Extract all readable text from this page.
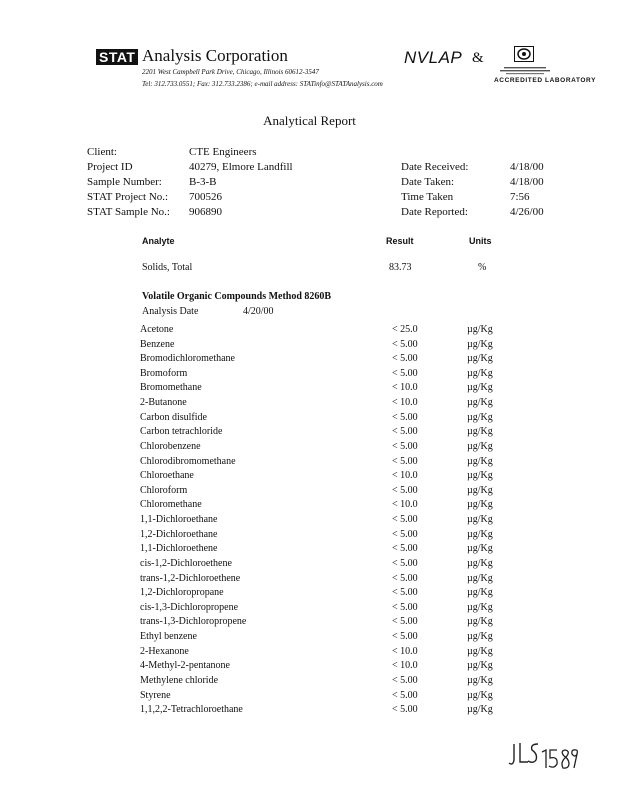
STAT Analysis Corporation
2201 West Campbell Park Drive, Chicago, Illinois 60612-3547
Tel: 312.733.0551; Fax: 312.733.2386; e-mail address: STATinfo@STATAnalysis.com
NVLAP &
ACCREDITED LABORATORY
Analytical Report
Client:	CTE Engineers
Project ID	40279, Elmore Landfill
Sample Number: B-3-B
STAT Project No.: 700526
STAT Sample No.: 906890
Date Received:	4/18/00
Date Taken:	4/18/00
Time Taken	7:56
Date Reported:	4/26/00
Analyte	Result	Units
Solids, Total	83.73	%
Volatile Organic Compounds Method 8260B
Analysis Date	4/20/00
Acetone	< 25.0	µg/Kg
Benzene	< 5.00	µg/Kg
Bromodichloromethane	< 5.00	µg/Kg
Bromoform	< 5.00	µg/Kg
Bromomethane	< 10.0	µg/Kg
2-Butanone	< 10.0	µg/Kg
Carbon disulfide	< 5.00	µg/Kg
Carbon tetrachloride	< 5.00	µg/Kg
Chlorobenzene	< 5.00	µg/Kg
Chlorodibromomethane	< 5.00	µg/Kg
Chloroethane	< 10.0	µg/Kg
Chloroform	< 5.00	µg/Kg
Chloromethane	< 10.0	µg/Kg
1,1-Dichloroethane	< 5.00	µg/Kg
1,2-Dichloroethane	< 5.00	µg/Kg
1,1-Dichloroethene	< 5.00	µg/Kg
cis-1,2-Dichloroethene	< 5.00	µg/Kg
trans-1,2-Dichloroethene	< 5.00	µg/Kg
1,2-Dichloropropane	< 5.00	µg/Kg
cis-1,3-Dichloropropene	< 5.00	µg/Kg
trans-1,3-Dichloropropene	< 5.00	µg/Kg
Ethyl benzene	< 5.00	µg/Kg
2-Hexanone	< 10.0	µg/Kg
4-Methyl-2-pentanone	< 10.0	µg/Kg
Methylene chloride	< 5.00	µg/Kg
Styrene	< 5.00	µg/Kg
1,1,2,2-Tetrachloroethane	< 5.00	µg/Kg
